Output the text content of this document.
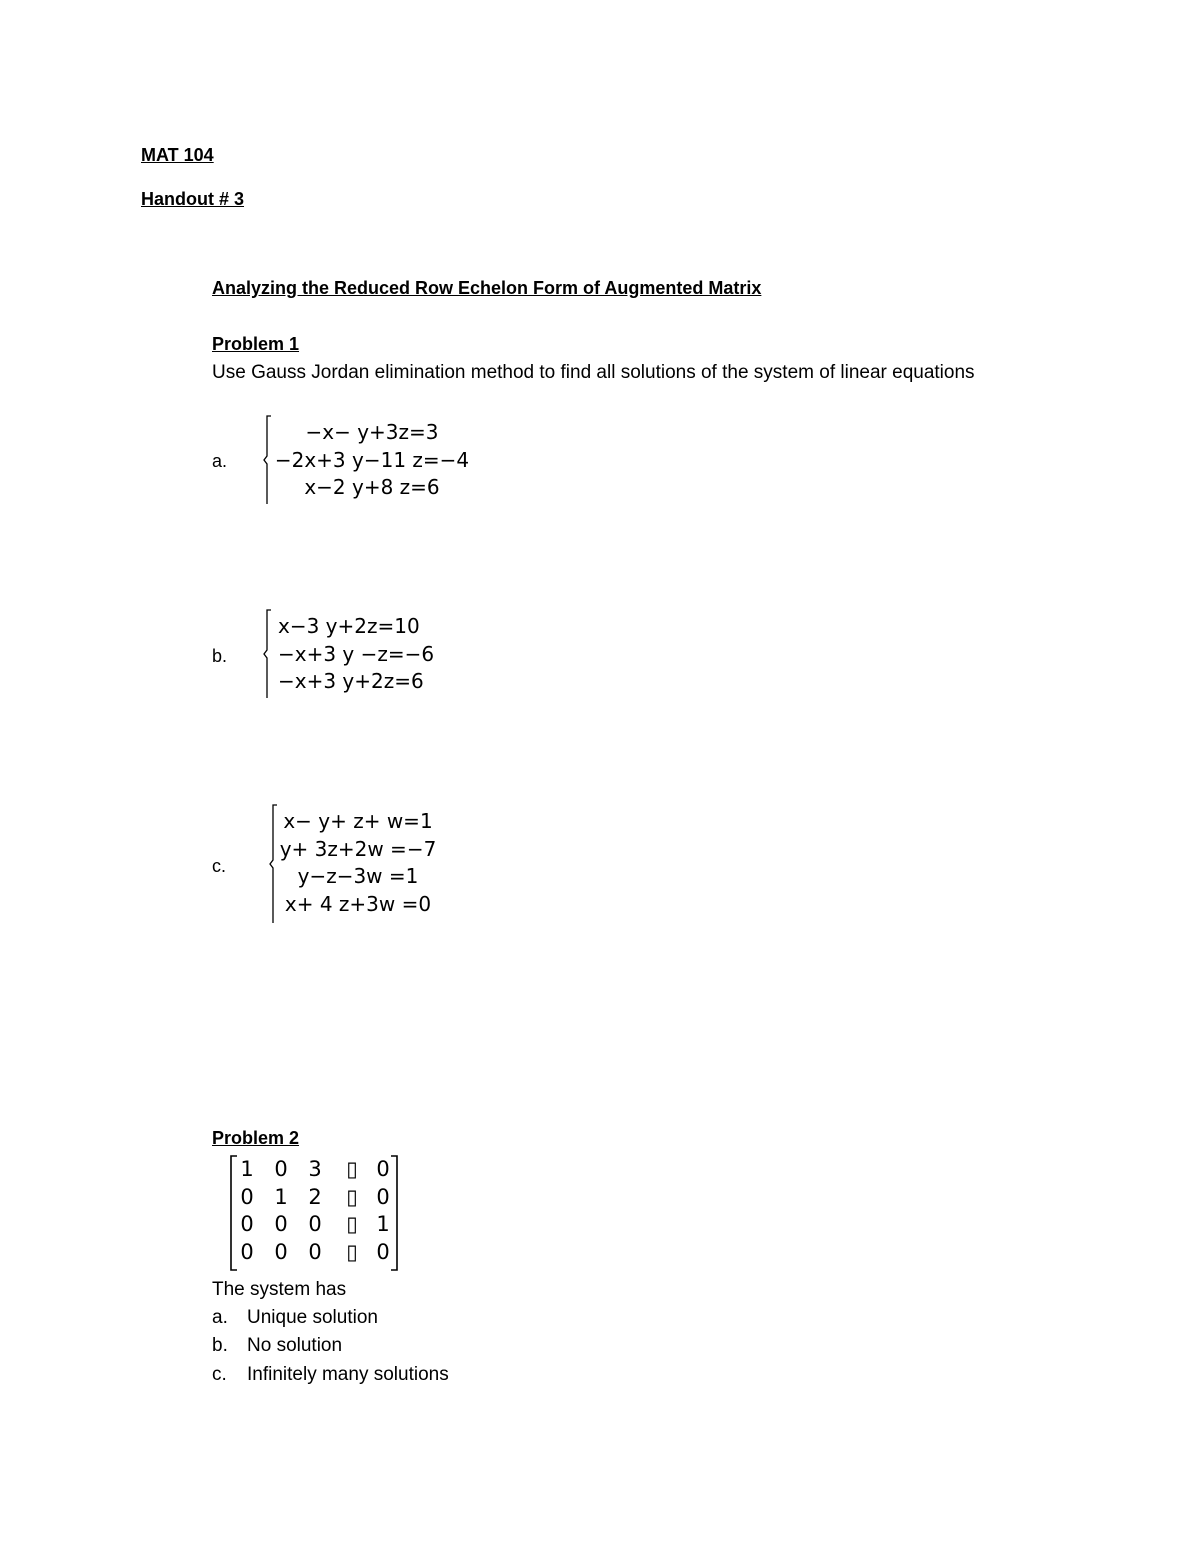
MAT 104
Handout # 3
Analyzing the Reduced Row Echelon Form of Augmented Matrix
Problem 1
Use Gauss Jordan elimination method to find all solutions of the system of linear equations
a.
−x− y+3z=3
−2x+3 y−11 z=−4
x−2 y+8 z=6
b.
x−3 y+2z=10
−x+3 y −z=−6
−x+3 y+2z=6
c.
x− y+ z+ w=1
y+ 3z+2w =−7
y−z−3w =1
x+ 4 z+3w =0
Problem 2
1 0 3 ▯ 0
0 1 2 ▯ 0
0 0 0 ▯ 1
0 0 0 ▯ 0
The system has
a. Unique solution
b. No solution
c. Infinitely many solutions
